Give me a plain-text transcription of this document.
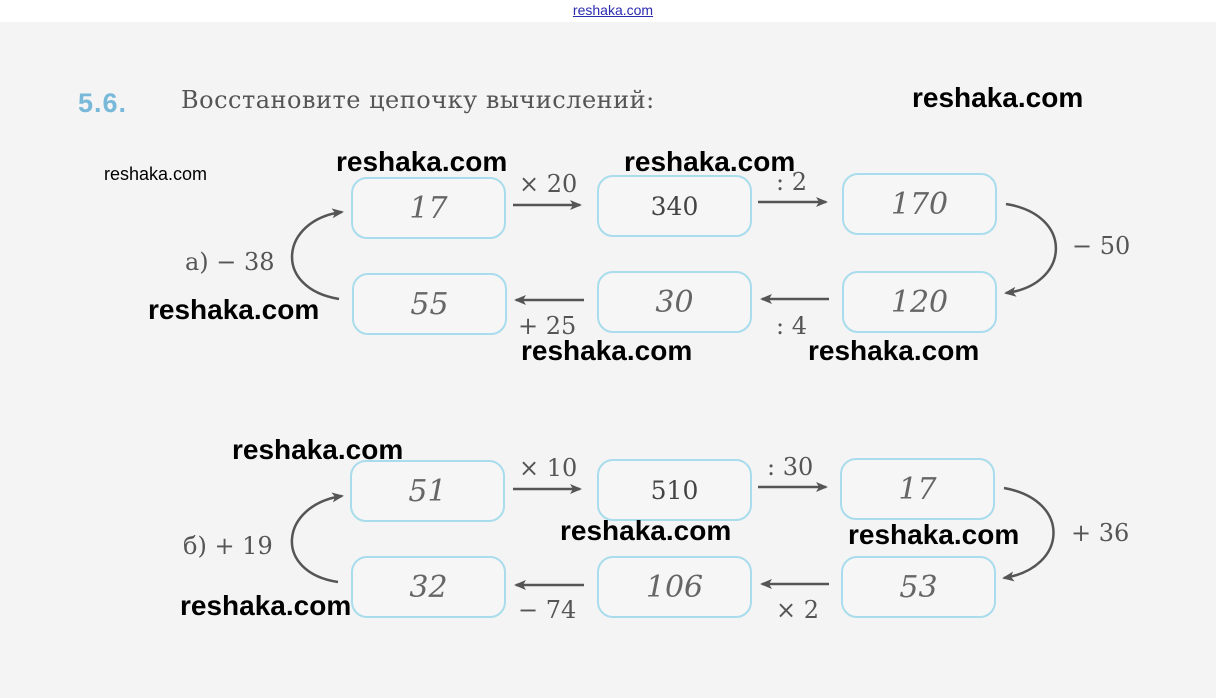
reshaka.com
5.6. Восстановите цепочку вычислений:
17	340	170
120
30
55
× 20	: 2
− 50
: 4
+ 25
а) − 38
51	510	17
53
106
32
× 10	: 30
+ 36
× 2
− 74
б) + 19
reshaka.com
reshaka.com	reshaka.com	reshaka.com
reshaka.com
reshaka.com	reshaka.com
reshaka.com
reshaka.com	reshaka.com
reshaka.com
